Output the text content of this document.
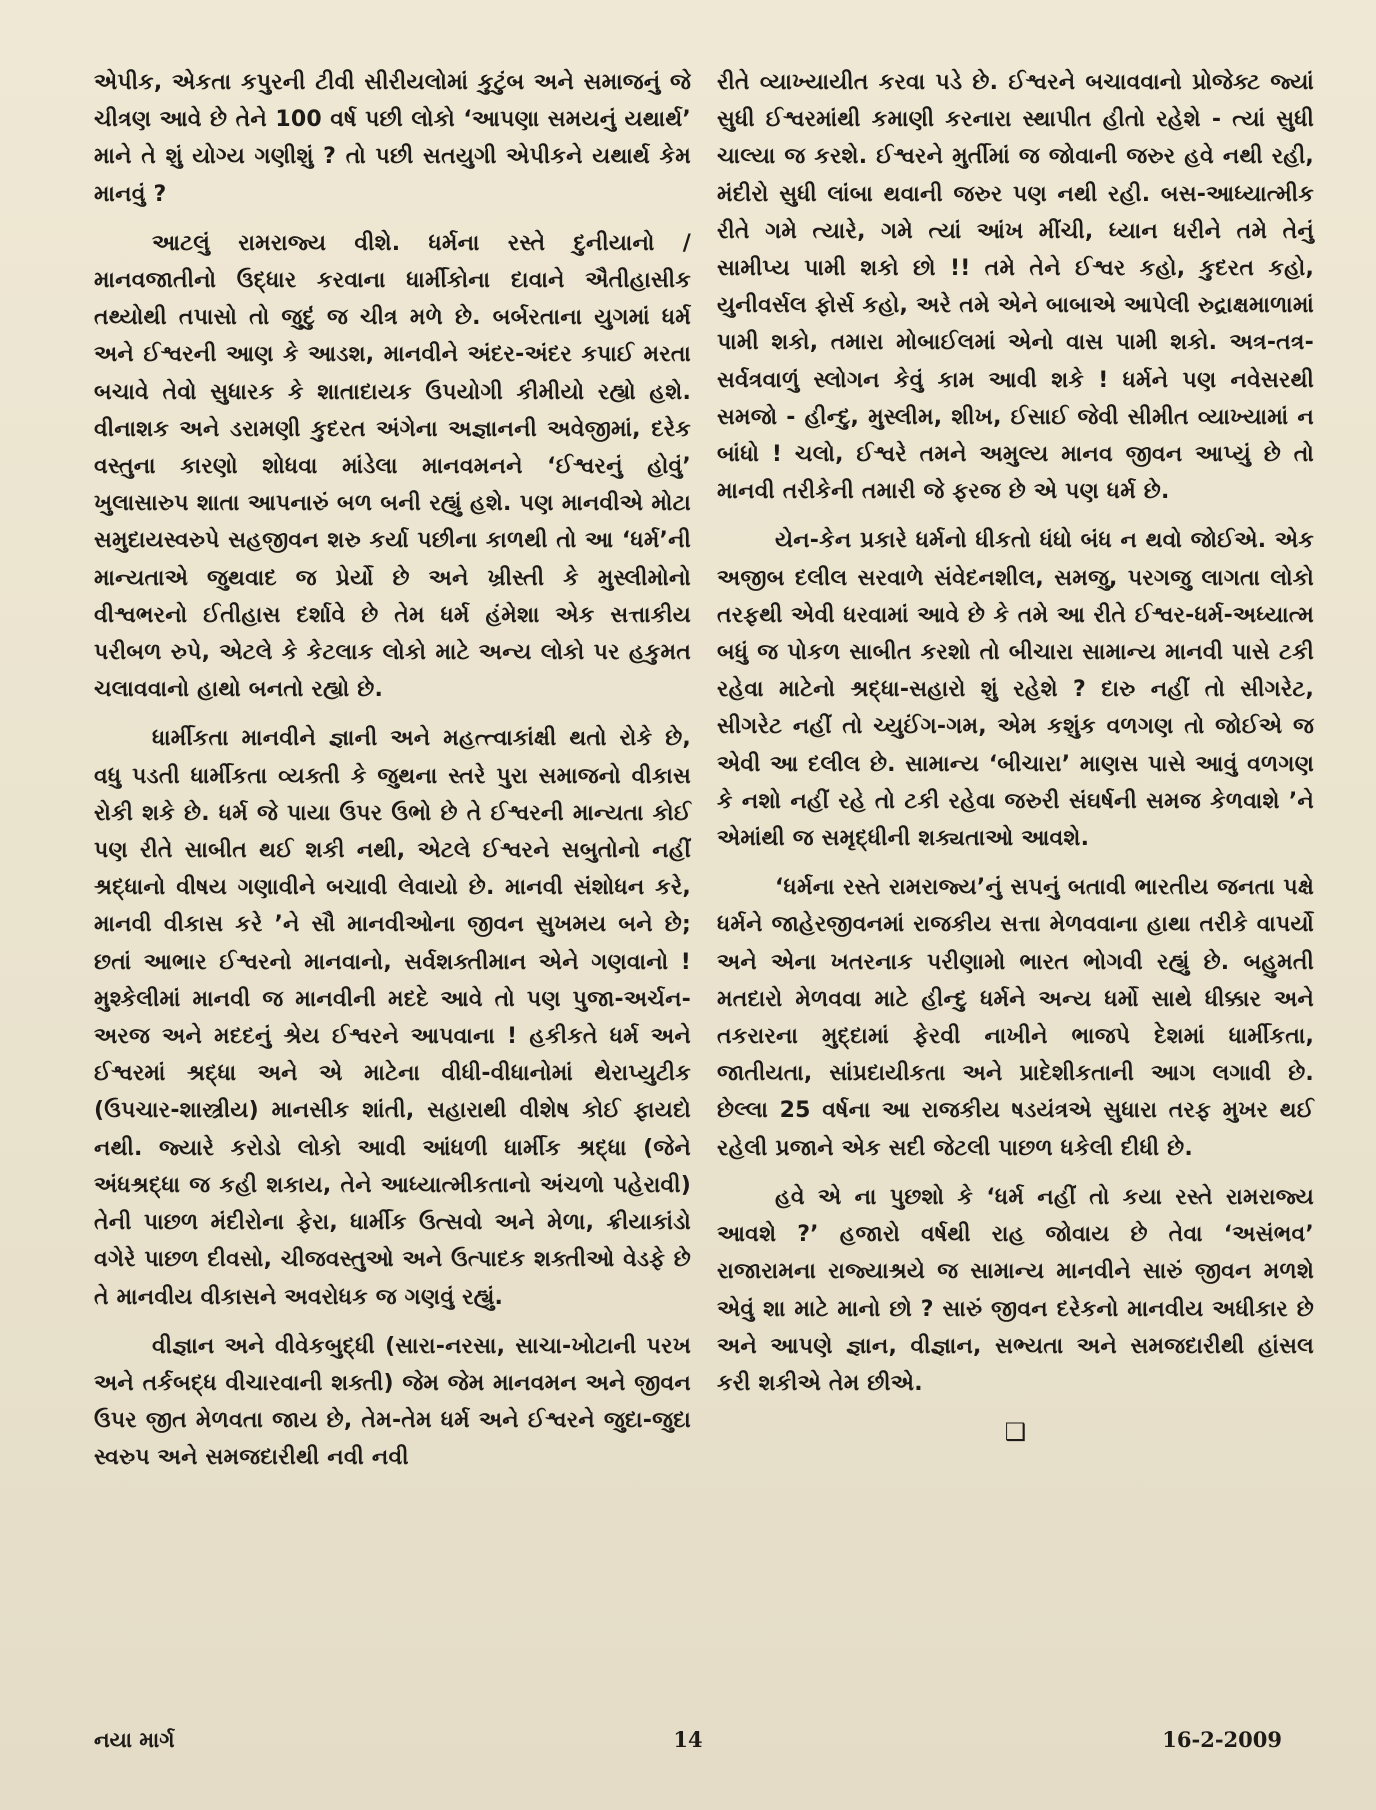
એપીક, એકતા કપુરની ટીવી સીરીયલોમાં કુટુંબ અને સમાજનું જે ચીત્રણ આવે છે તેને 100 વર્ષ પછી લોકો ‘આપણા સમયનું યથાર્થ’ માને તે શું યોગ્ય ગણીશું ? તો પછી સતયુગી એપીકને યથાર્થ કેમ માનવું ?

આટલું રામરાજ્ય વીશે. ધર્મના રસ્તે દુનીયાનો / માનવજાતીનો ઉદ્ધાર કરવાના ધાર્મીકોના દાવાને ઐતીહાસીક તથ્યોથી તપાસો તો જુદું જ ચીત્ર મળે છે. બર્બરતાના યુગમાં ધર્મ અને ઈશ્વરની આણ કે આડશ, માનવીને અંદર-અંદર કપાઈ મરતા બચાવે તેવો સુધારક કે શાતાદાયક ઉપયોગી કીમીયો રહ્યો હશે. વીનાશક અને ડરામણી કુદરત અંગેના અજ્ઞાનની અવેજીમાં, દરેક વસ્તુના કારણો શોધવા માંડેલા માનવમનને ‘ઈશ્વરનું હોવું’ ખુલાસારુપ શાતા આપનારું બળ બની રહ્યું હશે. પણ માનવીએ મોટા સમુદાયસ્વરુપે સહજીવન શરુ કર્યા પછીના કાળથી તો આ ‘ધર્મ’ની માન્યતાએ જુથવાદ જ પ્રેર્યો છે અને ખ્રીસ્તી કે મુસ્લીમોનો વીશ્વભરનો ઈતીહાસ દર્શાવે છે તેમ ધર્મ હંમેશા એક સત્તાકીય પરીબળ રુપે, એટલે કે કેટલાક લોકો માટે અન્ય લોકો પર હકુમત ચલાવવાનો હાથો બનતો રહ્યો છે.

ધાર્મીકતા માનવીને જ્ઞાની અને મહત્ત્વાકાંક્ષી થતો રોકે છે, વધુ પડતી ધાર્મીકતા વ્યક્તી કે જુથના સ્તરે પુરા સમાજનો વીકાસ રોકી શકે છે. ધર્મ જે પાયા ઉપર ઉભો છે તે ઈશ્વરની માન્યતા કોઈ પણ રીતે સાબીત થઈ શકી નથી, એટલે ઈશ્વરને સબુતોનો નહીં શ્રદ્ધાનો વીષય ગણાવીને બચાવી લેવાયો છે. માનવી સંશોધન કરે, માનવી વીકાસ કરે ’ને સૌ માનવીઓના જીવન સુખમય બને છે; છતાં આભાર ઈશ્વરનો માનવાનો, સર્વશક્તીમાન એને ગણવાનો ! મુશ્કેલીમાં માનવી જ માનવીની મદદે આવે તો પણ પુજા-અર્ચન-અરજ અને મદદનું શ્રેય ઈશ્વરને આપવાના ! હકીકતે ધર્મ અને ઈશ્વરમાં શ્રદ્ધા અને એ માટેના વીધી-વીધાનોમાં થેરાપ્યુટીક (ઉપચાર-શાસ્ત્રીય) માનસીક શાંતી, સહારાથી વીશેષ કોઈ ફાયદો નથી. જ્યારે કરોડો લોકો આવી આંધળી ધાર્મીક શ્રદ્ધા (જેને અંધશ્રદ્ધા જ કહી શકાય, તેને આધ્યાત્મીકતાનો અંચળો પહેરાવી) તેની પાછળ મંદીરોના ફેરા, ધાર્મીક ઉત્સવો અને મેળા, ક્રીયાકાંડો વગેરે પાછળ દીવસો, ચીજવસ્તુઓ અને ઉત્પાદક શક્તીઓ વેડફે છે તે માનવીય વીકાસને અવરોધક જ ગણવું રહ્યું.

વીજ્ઞાન અને વીવેકબુદ્ધી (સારા-નરસા, સાચા-ખોટાની પરખ અને તર્કબદ્ધ વીચારવાની શક્તી) જેમ જેમ માનવમન અને જીવન ઉપર જીત મેળવતા જાય છે, તેમ-તેમ ધર્મ અને ઈશ્વરને જુદા-જુદા સ્વરુપ અને સમજદારીથી નવી નવી

રીતે વ્યાખ્યાયીત કરવા પડે છે. ઈશ્વરને બચાવવાનો પ્રોજેક્ટ જ્યાં સુધી ઈશ્વરમાંથી કમાણી કરનારા સ્થાપીત હીતો રહેશે - ત્યાં સુધી ચાલ્યા જ કરશે. ઈશ્વરને મુર્તીમાં જ જોવાની જરુર હવે નથી રહી, મંદીરો સુધી લાંબા થવાની જરુર પણ નથી રહી. બસ-આધ્યાત્મીક રીતે ગમે ત્યારે, ગમે ત્યાં આંખ મીંચી, ધ્યાન ધરીને તમે તેનું સામીપ્ય પામી શકો છો !! તમે તેને ઈશ્વર કહો, કુદરત કહો, યુનીવર્સલ ફોર્સ કહો, અરે તમે એને બાબાએ આપેલી રુદ્રાક્ષમાળામાં પામી શકો, તમારા મોબાઈલમાં એનો વાસ પામી શકો. અત્ર-તત્ર-સર્વત્રવાળું સ્લોગન કેવું કામ આવી શકે ! ધર્મને પણ નવેસરથી સમજો - હીન્દુ, મુસ્લીમ, શીખ, ઈસાઈ જેવી સીમીત વ્યાખ્યામાં ન બાંધો ! ચલો, ઈશ્વરે તમને અમુલ્ય માનવ જીવન આપ્યું છે તો માનવી તરીકેની તમારી જે ફરજ છે એ પણ ધર્મ છે.

યેન-કેન પ્રકારે ધર્મનો ધીકતો ધંધો બંધ ન થવો જોઈએ. એક અજીબ દલીલ સરવાળે સંવેદનશીલ, સમજુ, પરગજુ લાગતા લોકો તરફથી એવી ધરવામાં આવે છે કે તમે આ રીતે ઈશ્વર-ધર્મ-અધ્યાત્મ બધું જ પોકળ સાબીત કરશો તો બીચારા સામાન્ય માનવી પાસે ટકી રહેવા માટેનો શ્રદ્ધા-સહારો શું રહેશે ? દારુ નહીં તો સીગરેટ, સીગરેટ નહીં તો ચ્યુઈંગ-ગમ, એમ કશુંક વળગણ તો જોઈએ જ એવી આ દલીલ છે. સામાન્ય ‘બીચારા’ માણસ પાસે આવું વળગણ કે નશો નહીં રહે તો ટકી રહેવા જરુરી સંઘર્ષની સમજ કેળવાશે ’ને એમાંથી જ સમૃદ્ધીની શક્યતાઓ આવશે.

‘ધર્મના રસ્તે રામરાજ્ય’નું સપનું બતાવી ભારતીય જનતા પક્ષે ધર્મને જાહેરજીવનમાં રાજકીય સત્તા મેળવવાના હાથા તરીકે વાપર્યો અને એના ખતરનાક પરીણામો ભારત ભોગવી રહ્યું છે. બહુમતી મતદારો મેળવવા માટે હીન્દુ ધર્મને અન્ય ધર્મો સાથે ધીક્કાર અને તકરારના મુદ્દામાં ફેરવી નાખીને ભાજપે દેશમાં ધાર્મીકતા, જાતીયતા, સાંપ્રદાયીકતા અને પ્રાદેશીકતાની આગ લગાવી છે. છેલ્લા 25 વર્ષના આ રાજકીય ષડયંત્રએ સુધારા તરફ મુખર થઈ રહેલી પ્રજાને એક સદી જેટલી પાછળ ધકેલી દીધી છે.

હવે એ ના પુછશો કે ‘ધર્મ નહીં તો કયા રસ્તે રામરાજ્ય આવશે ?’ હજારો વર્ષથી રાહ જોવાય છે તેવા ‘અસંભવ’ રાજારામના રાજ્યાશ્રયે જ સામાન્ય માનવીને સારું જીવન મળશે એવું શા માટે માનો છો ? સારું જીવન દરેકનો માનવીય અધીકાર છે અને આપણે જ્ઞાન, વીજ્ઞાન, સભ્યતા અને સમજદારીથી હાંસલ કરી શકીએ તેમ છીએ.

❑
નયા માર્ગ	14	16-2-2009
